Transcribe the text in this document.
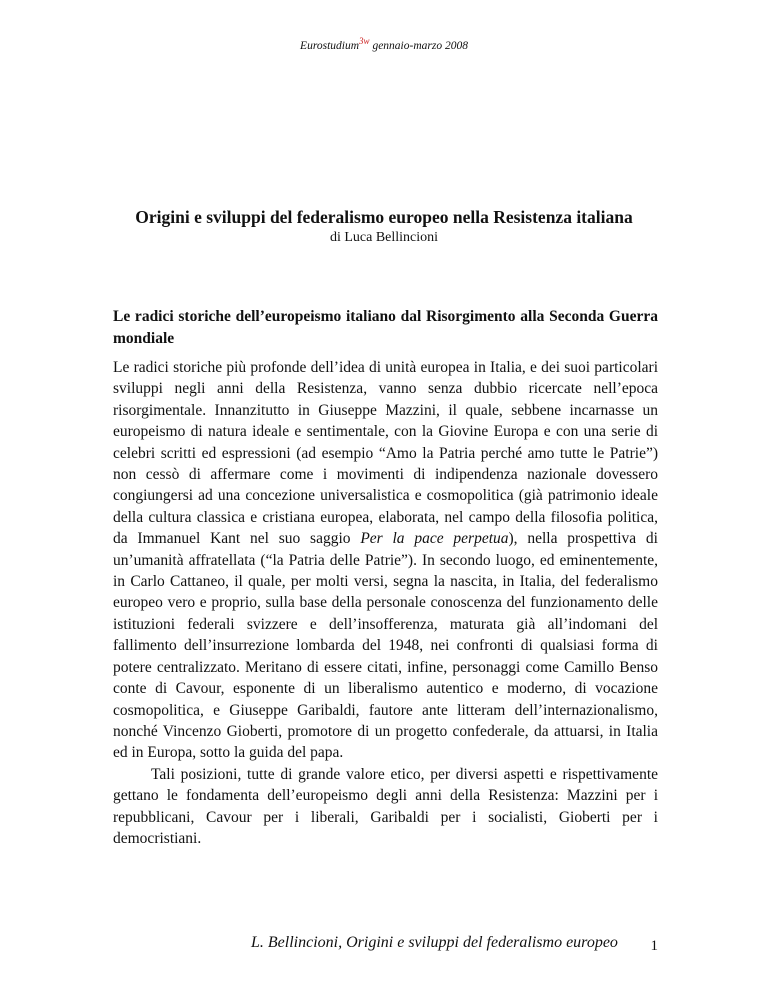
Eurostudium$^{3w}$ gennaio-marzo 2008
Origini e sviluppi del federalismo europeo nella Resistenza italiana
di Luca Bellincioni
Le radici storiche dell’europeismo italiano dal Risorgimento alla Seconda Guerra mondiale

Le radici storiche più profonde dell’idea di unità europea in Italia, e dei suoi particolari sviluppi negli anni della Resistenza, vanno senza dubbio ricercate nell’epoca risorgimentale. Innanzitutto in Giuseppe Mazzini, il quale, sebbene incarnasse un europeismo di natura ideale e sentimentale, con la Giovine Europa e con una serie di celebri scritti ed espressioni (ad esempio “Amo la Patria perché amo tutte le Patrie”) non cessò di affermare come i movimenti di indipendenza nazionale dovessero congiungersi ad una concezione universalistica e cosmopolitica (già patrimonio ideale della cultura classica e cristiana europea, elaborata, nel campo della filosofia politica, da Immanuel Kant nel suo saggio Per la pace perpetua), nella prospettiva di un’umanità affratellata (“la Patria delle Patrie”). In secondo luogo, ed eminentemente, in Carlo Cattaneo, il quale, per molti versi, segna la nascita, in Italia, del federalismo europeo vero e proprio, sulla base della personale conoscenza del funzionamento delle istituzioni federali svizzere e dell’insofferenza, maturata già all’indomani del fallimento dell’insurrezione lombarda del 1948, nei confronti di qualsiasi forma di potere centralizzato. Meritano di essere citati, infine, personaggi come Camillo Benso conte di Cavour, esponente di un liberalismo autentico e moderno, di vocazione cosmopolitica, e Giuseppe Garibaldi, fautore ante litteram dell’internazionalismo, nonché Vincenzo Gioberti, promotore di un progetto confederale, da attuarsi, in Italia ed in Europa, sotto la guida del papa.

Tali posizioni, tutte di grande valore etico, per diversi aspetti e rispettivamente gettano le fondamenta dell’europeismo degli anni della Resistenza: Mazzini per i repubblicani, Cavour per i liberali, Garibaldi per i socialisti, Gioberti per i democristiani.

L. Bellincioni, Origini e sviluppi del federalismo europeo 1
